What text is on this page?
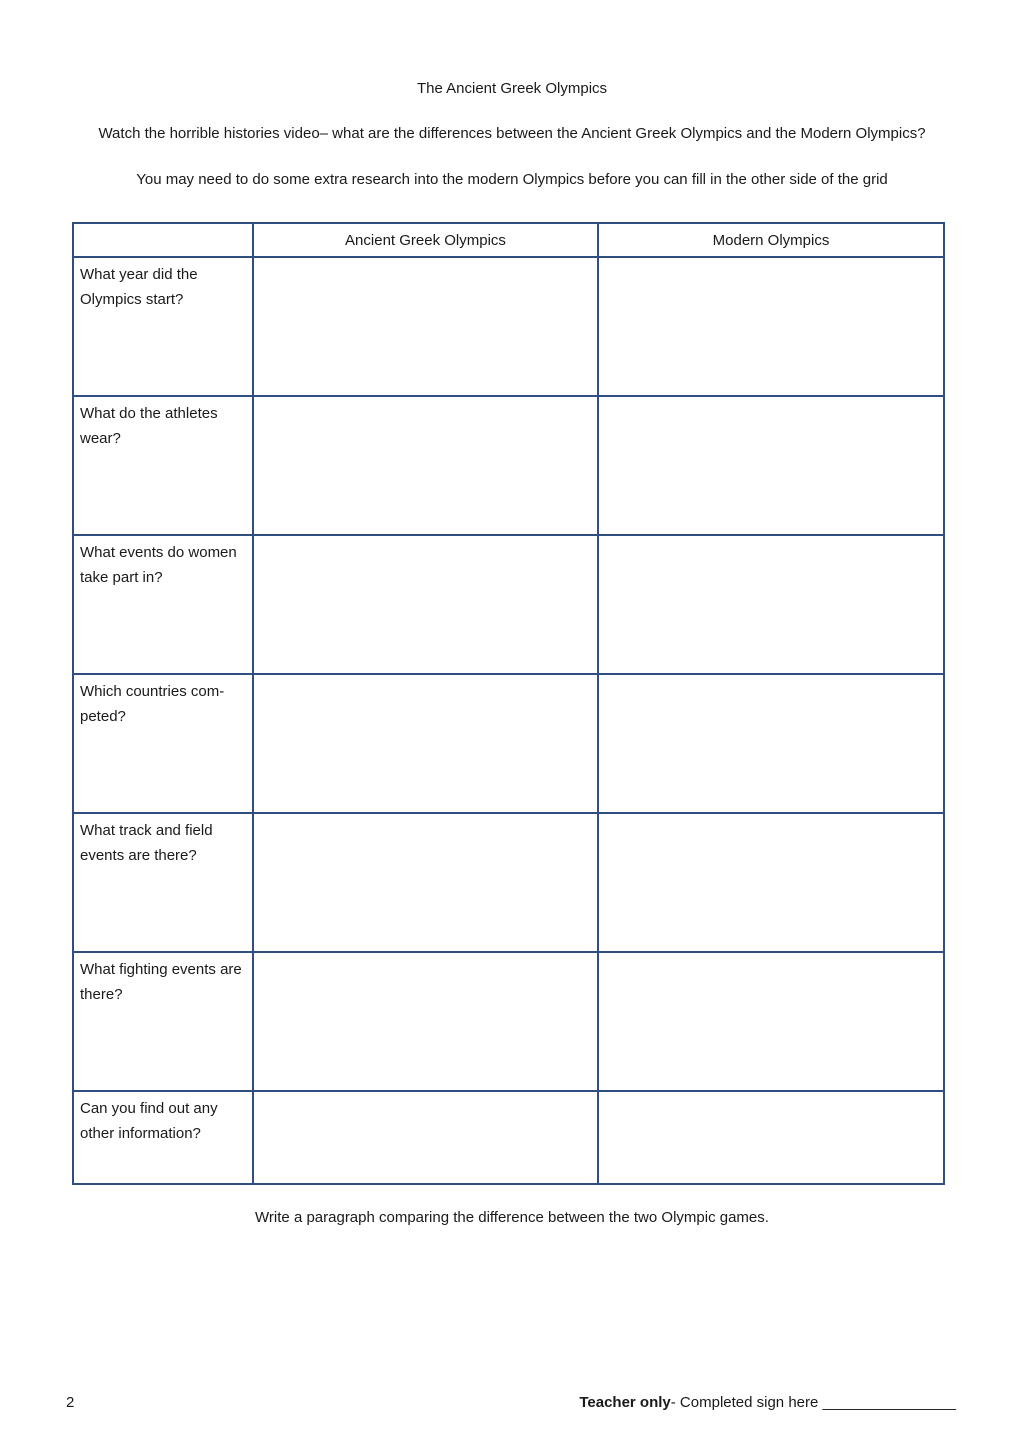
The Ancient Greek Olympics
Watch the horrible histories video– what are the differences between the Ancient Greek Olympics and the Modern Olympics?
You may need to do some extra research into the modern Olympics before you can fill in the other side of the grid
	Ancient Greek Olympics	Modern Olympics
What year did the Olympics start?		
What do the athletes wear?		
What events do women take part in?		
Which countries com-peted?		
What track and field events are there?		
What fighting events are there?		
Can you find out any other information?		
Write a paragraph comparing the difference between the two Olympic games.
2	Teacher only- Completed sign here ________________
